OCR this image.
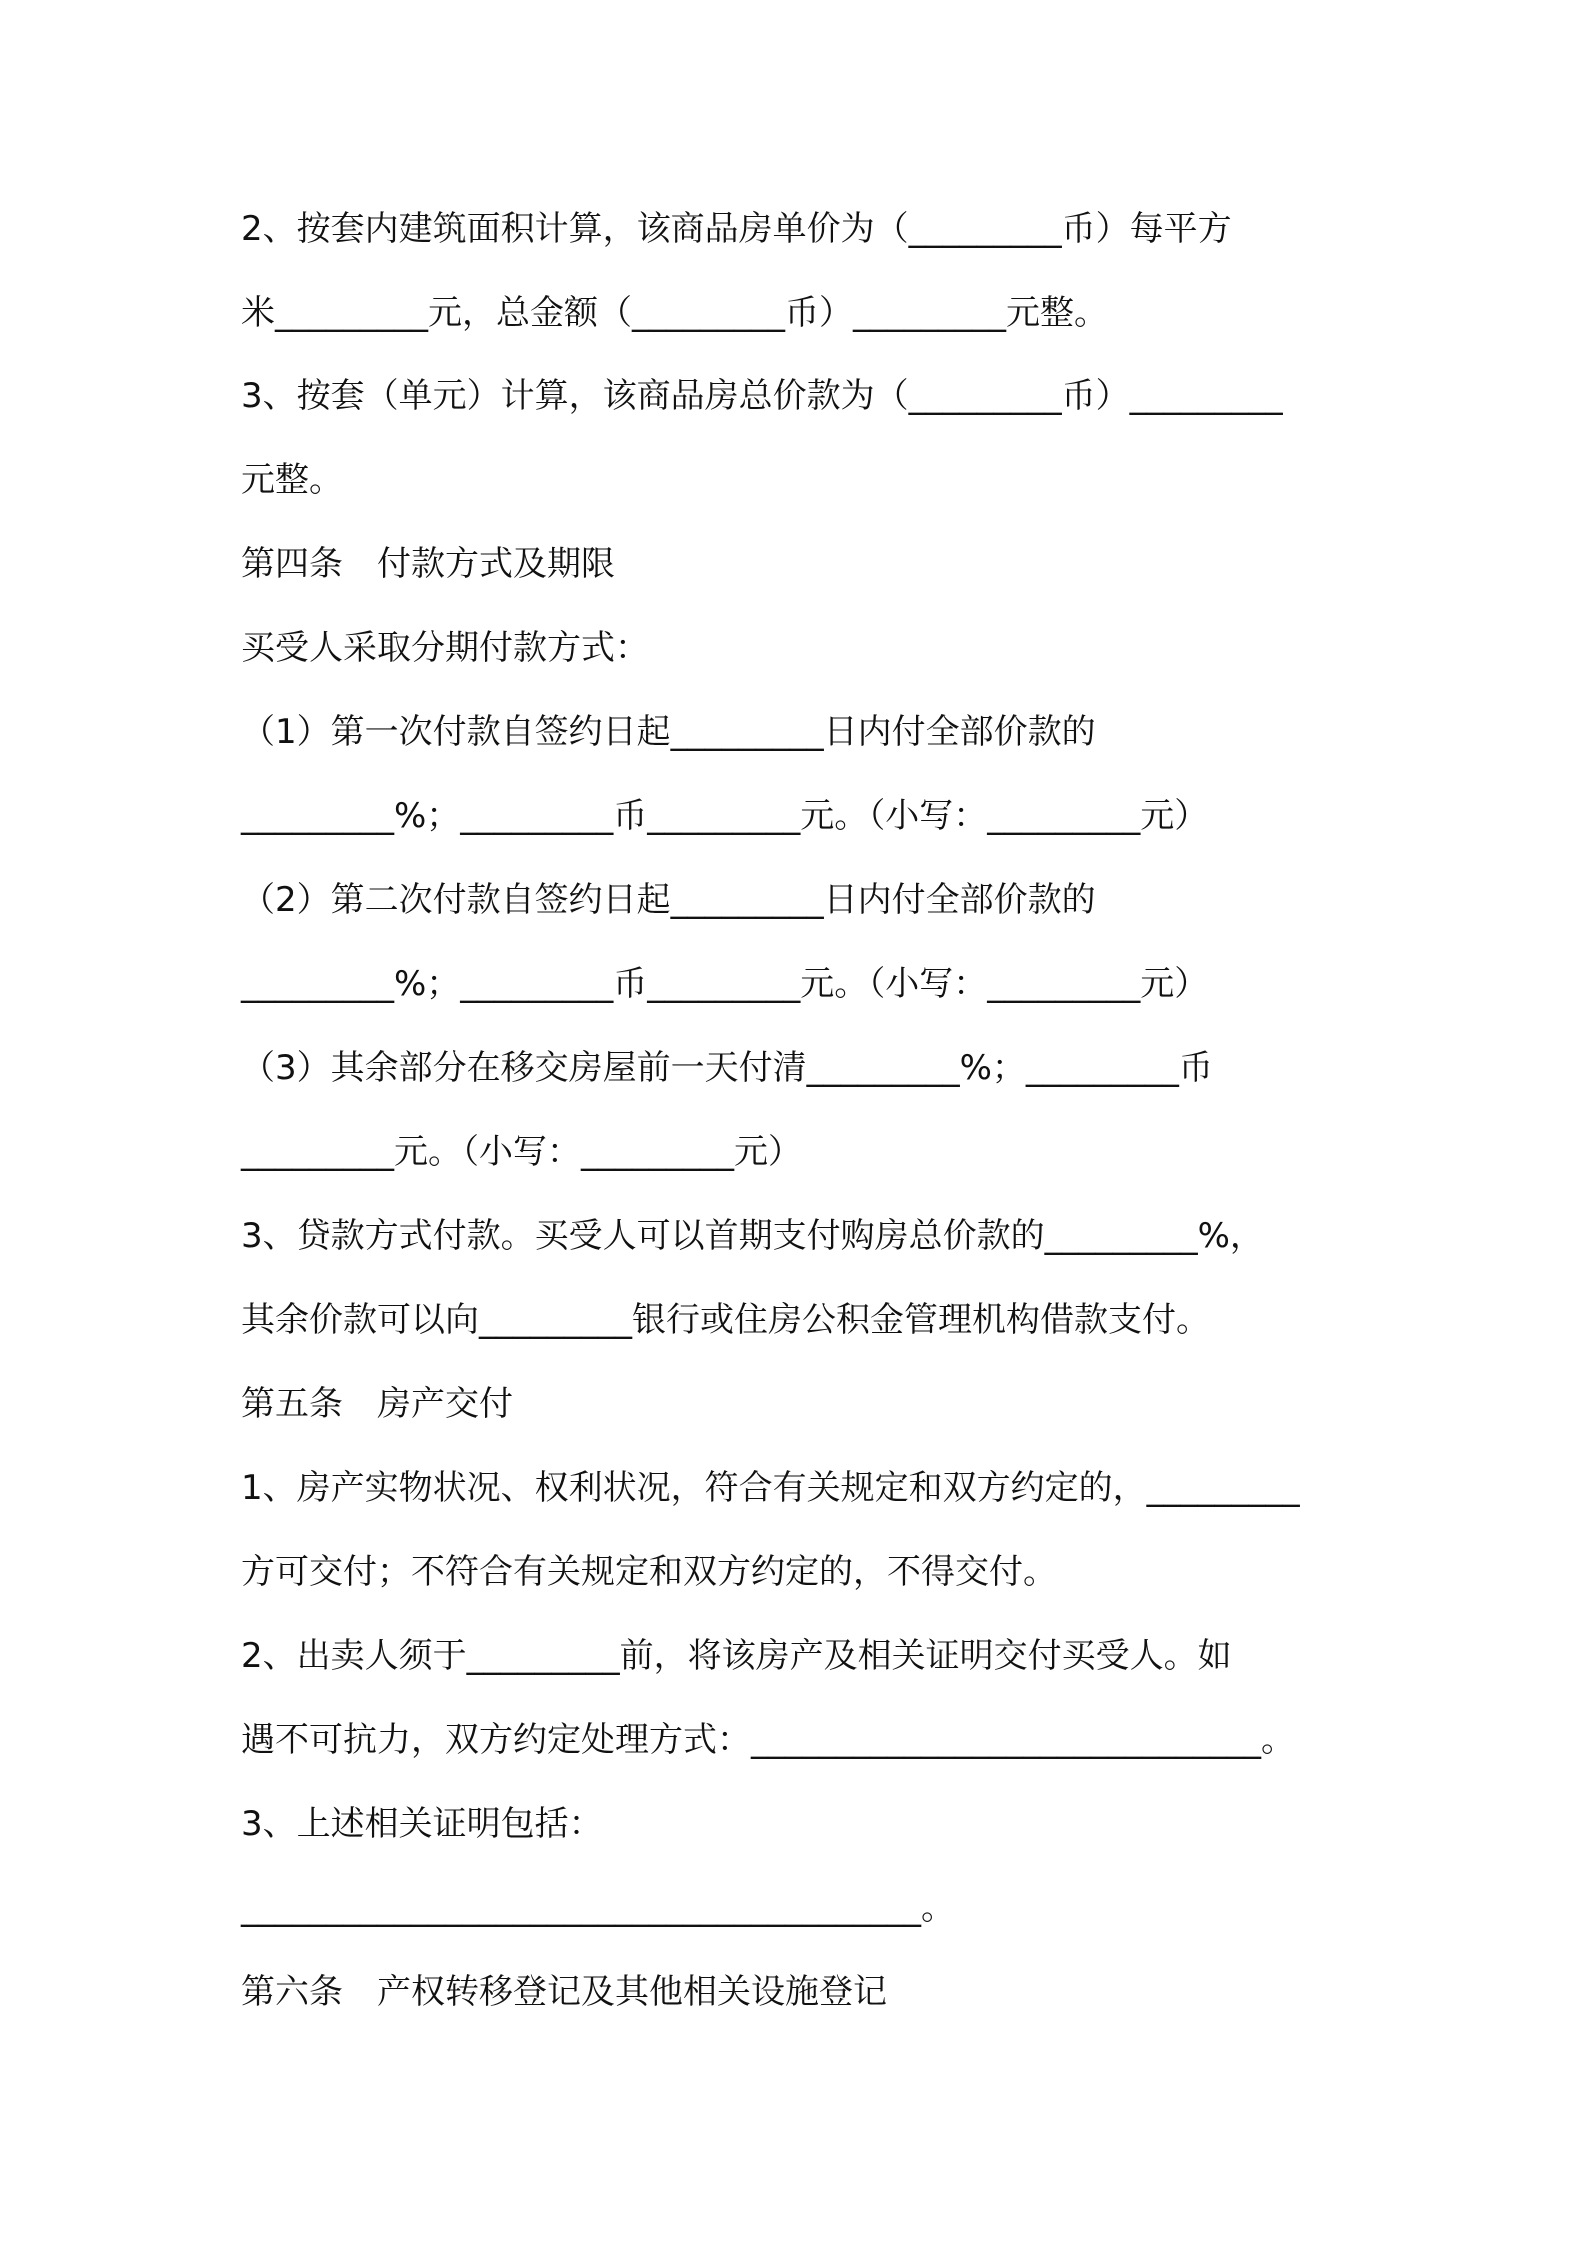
2、按套内建筑面积计算，该商品房单价为（_________币）每平方

米_________元，总金额（_________币）_________元整。

3、按套（单元）计算，该商品房总价款为（_________币）_________

元整。

第四条　付款方式及期限

买受人采取分期付款方式：

（1）第一次付款自签约日起_________日内付全部价款的

_________%；_________币_________元。（小写：_________元）

（2）第二次付款自签约日起_________日内付全部价款的

_________%；_________币_________元。（小写：_________元）

（3）其余部分在移交房屋前一天付清_________%；_________币

_________元。（小写：_________元）

3、贷款方式付款。买受人可以首期支付购房总价款的_________%，

其余价款可以向_________银行或住房公积金管理机构借款支付。

第五条　房产交付

1、房产实物状况、权利状况，符合有关规定和双方约定的，_________

方可交付；不符合有关规定和双方约定的，不得交付。

2、出卖人须于_________前，将该房产及相关证明交付买受人。如

遇不可抗力，双方约定处理方式：______________________________。

3、上述相关证明包括：

________________________________________。

第六条　产权转移登记及其他相关设施登记
